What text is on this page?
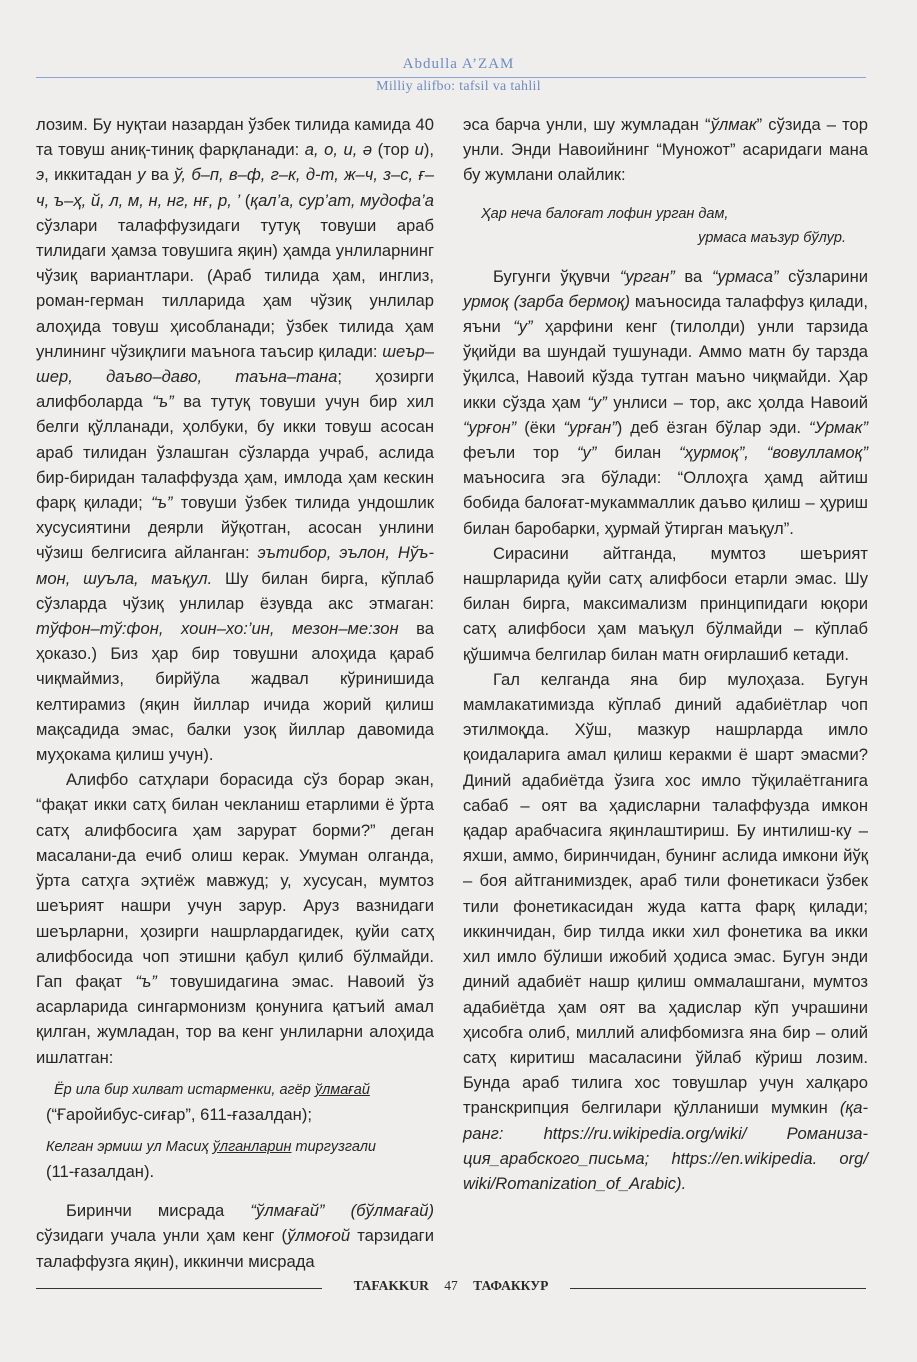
Abdulla A’ZAM
Milliy alifbo: tafsil va tahlil

лозим. Бу нуқтаи назардан ўзбек тилида камида 40 та товуш аниқ-тиниқ фарқланади: а, о, и, ә (тор и), э, иккитадан у ва ў, б–п, в–ф, г–к, д-т, ж–ч, з–с, ғ–ч, ъ–ҳ, й, л, м, н, нг, нғ, р, ’ (қал’а, сур’ат, мудофа’а сўзлари талаффузидаги тутуқ товуши араб тилидаги ҳамза товушига яқин) ҳамда унлиларнинг чўзиқ вариантлари. (Араб тилида ҳам, инглиз, роман-герман тилларида ҳам чўзиқ унлилар алоҳида товуш ҳисобланади; ўзбек тилида ҳам унлининг чўзиқлиги маънога таъсир қилади: шеър–шер, даъво–даво, таъна–тана; ҳозирги алифболарда “ъ” ва тутуқ товуши учун бир хил белги қўлланади, ҳолбуки, бу икки товуш асосан араб тилидан ўзлашган сўзларда учраб, аслида бир-биридан талаффузда ҳам, имлода ҳам кескин фарқ қилади; “ъ” товуши ўзбек тилида ундошлик хусусиятини деярли йўқотган, асосан унлини чўзиш белгисига айланган: эътибор, эълон, Нўъмон, шуъла, маъқул. Шу билан бирга, кўплаб сўзларда чўзиқ унлилар ёзувда акс этмаган: тўфон–тў:фон, хоин–хо:’ин, мезон–ме:зон ва ҳоказо.) Биз ҳар бир товушни алоҳида қараб чиқмаймиз, бирйўла жадвал кўринишида келтирамиз (яқин йиллар ичида жорий қилиш мақсадида эмас, балки узоқ йиллар давомида муҳокама қилиш учун).

Алифбо сатҳлари борасида сўз борар экан, “фақат икки сатҳ билан чекланиш етарлими ё ўрта сатҳ алифбосига ҳам зарурат борми?” деган масалани-да ечиб олиш керак. Умуман олганда, ўрта сатҳга эҳтиёж мавжуд; у, хусусан, мумтоз шеърият нашри учун зарур. Аруз вазнидаги шеърларни, ҳозирги нашрлардагидек, қуйи сатҳ алифбосида чоп этишни қабул қилиб бўлмайди. Гап фақат “ъ” товушидагина эмас. Навоий ўз асарларида сингармонизм қонунига қатъий амал қилган, жумладан, тор ва кенг унлиларни алоҳида ишлатган:

Ёр ила бир хилват истарменки, агёр ўлмағай

(“Ғаройибус-сиғар”, 611-ғазалдан);

Келган эрмиш ул Масиҳ ўлганларин тиргузгали

(11-ғазалдан).

Биринчи мисрада “ўлмағай” (бўлмағай) сўзидаги учала унли ҳам кенг (ўлмоғой тарзидаги талаффузга яқин), иккинчи мисрада

эса барча унли, шу жумладан “ўлмак” сўзида – тор унли. Энди Навоийнинг “Муножот” асаридаги мана бу жумлани олайлик:

Ҳар неча балоғат лофин урган дам,

урмаса маъзур бўлур.

Бугунги ўқувчи “урган” ва “урмаса” сўзларини урмоқ (зарба бермоқ) маъносида талаффуз қилади, яъни “у” ҳарфини кенг (тилолди) унли тарзида ўқийди ва шундай тушунади. Аммо матн бу тарзда ўқилса, Навоий кўзда тутган маъно чиқмайди. Ҳар икки сўзда ҳам “у” унлиси – тор, акс ҳолда Навоий “урғон” (ёки “урған”) деб ёзган бўлар эди. “Урмак” феъли тор “у” билан “ҳурмоқ”, “вовулламоқ” маъносига эга бўлади: “Оллоҳга ҳамд айтиш бобида балоғат-мукаммаллик даъво қилиш – ҳуриш билан баробарки, ҳурмай ўтирган маъқул”.

Сирасини айтганда, мумтоз шеърият нашрларида қуйи сатҳ алифбоси етарли эмас. Шу билан бирга, максимализм принципидаги юқори сатҳ алифбоси ҳам маъқул бўлмайди – кўплаб қўшимча белгилар билан матн оғирлашиб кетади.

Гал келганда яна бир мулоҳаза. Бугун мамлакатимизда кўплаб диний адабиётлар чоп этилмоқда. Хўш, мазкур нашрларда имло қоидаларига амал қилиш керакми ё шарт эмасми? Диний адабиётда ўзига хос имло тўқилаётганига сабаб – оят ва ҳадисларни талаффузда имкон қадар арабчасига яқинлаштириш. Бу интилиш-ку – яхши, аммо, биринчидан, бунинг аслида имкони йўқ – боя айтганимиздек, араб тили фонетикаси ўзбек тили фонетикасидан жуда катта фарқ қилади; иккинчидан, бир тилда икки хил фонетика ва икки хил имло бўлиши ижобий ҳодиса эмас. Бугун энди диний адабиёт нашр қилиш оммалашгани, мумтоз адабиётда ҳам оят ва ҳадислар кўп учрашини ҳисобга олиб, миллий алифбомизга яна бир – олий сатҳ киритиш масаласини ўйлаб кўриш лозим. Бунда араб тилига хос товушлар учун халқаро транскрипция белгилари қўлланиши мумкин (қаранг: https://ru.wikipedia.org/wiki/ Романизация_арабского_письма; https://en.wikipedia. org/ wiki/Romanization_of_Arabic).

TAFAKKUR 47 ТАФАККУР
